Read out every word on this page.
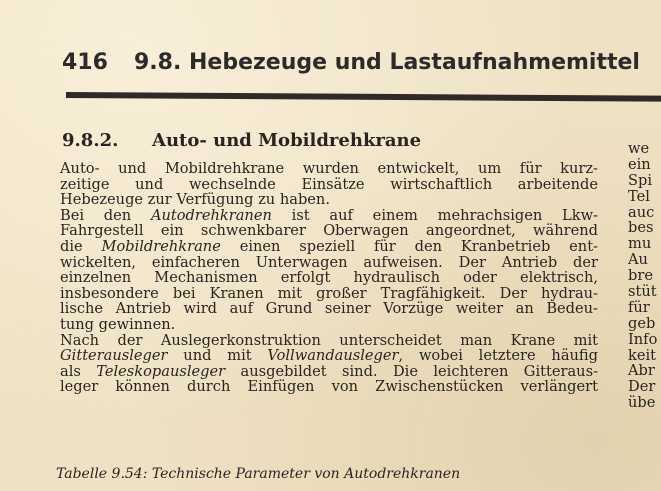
416 9.8. Hebezeuge und Lastaufnahmemittel
9.8.2. Auto- und Mobildrehkrane
Auto- und Mobildrehkrane wurden entwickelt, um für kurz-
zeitige und wechselnde Einsätze wirtschaftlich arbeitende
Hebezeuge zur Verfügung zu haben.
Bei den Autodrehkranen ist auf einem mehrachsigen Lkw-
Fahrgestell ein schwenkbarer Oberwagen angeordnet, während
die Mobildrehkrane einen speziell für den Kranbetrieb ent-
wickelten, einfacheren Unterwagen aufweisen. Der Antrieb der
einzelnen Mechanismen erfolgt hydraulisch oder elektrisch,
insbesondere bei Kranen mit großer Tragfähigkeit. Der hydrau-
lische Antrieb wird auf Grund seiner Vorzüge weiter an Bedeu-
tung gewinnen.
Nach der Auslegerkonstruktion unterscheidet man Krane mit
Gitterausleger und mit Vollwandausleger, wobei letztere häufig
als Teleskopausleger ausgebildet sind. Die leichteren Gitteraus-
leger können durch Einfügen von Zwischenstücken verlängert
Tabelle 9.54: Technische Parameter von Autodrehkranen
we
ein
Spi
Tel
auc
bes
mu
Au
bre
stüt
für
geb
Info
keit
Abr
Der
übe
